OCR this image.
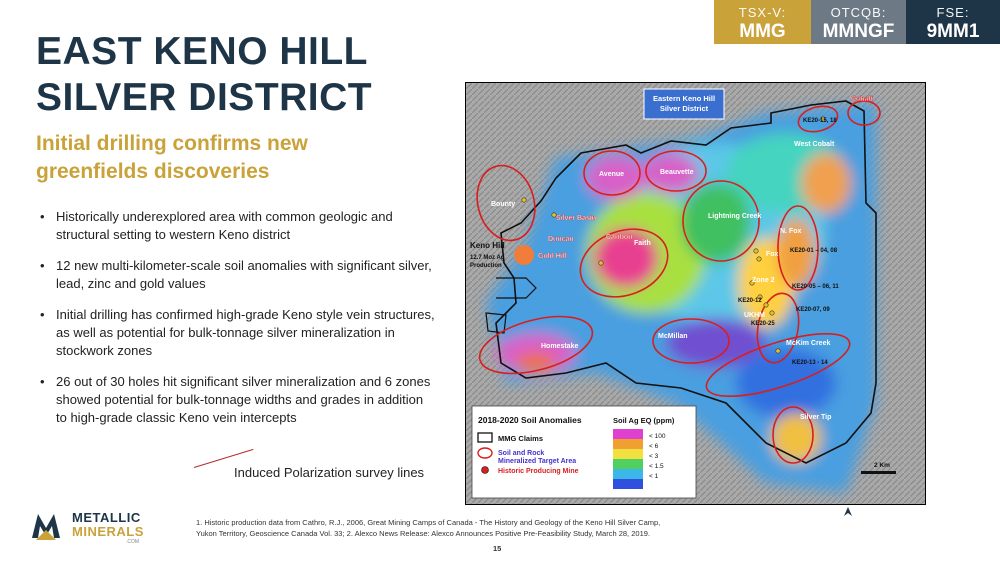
TSX-V:
MMG
OTCQB:
MMNGF
FSE:
9MM1
EAST KENO HILL
SILVER DISTRICT
Initial drilling confirms new greenfields discoveries
• Historically underexplored area with common geologic and structural setting to western Keno district
• 12 new multi-kilometer-scale soil anomalies with significant silver, lead, zinc and gold values
• Initial drilling has confirmed high-grade Keno style vein structures, as well as potential for bulk-tonnage silver mineralization in stockwork zones
• 26 out of 30 holes hit significant silver mineralization and 6 zones showed potential for bulk-tonnage widths and grades in addition to high-grade classic Keno vein intercepts
Induced Polarization survey lines
Eastern Keno Hill
Silver District
Keno Hill
12.7 Moz Ag
Production
Cobalt
West Cobalt
Avenue	Beauvette
Bounty
Silver Basin
Duncan	Caribou
Gold Hill
Lightning Creek
N. Fox
Fox
Faith
Zone 2
UKHM
McKim Creek
Homestake
McMillan
Silver Tip
KE20-15, 18
KE20-01 – 04, 08
KE20-05 – 06, 11
KE20-12
KE20-07, 09
KE20-25
KE20-13 - 14
2018-2020 Soil Anomalies
MMG Claims
Soil and Rock
Mineralized Target Area
Historic Producing Mine
Soil Ag EQ (ppm)
< 100
< 6
< 3
< 1.5
< 1
2 Km
METALLIC
MINERALS
.COM
1. Historic production data from Cathro, R.J., 2006, Great Mining Camps of Canada - The History and Geology of the Keno Hill Silver Camp,
Yukon Territory, Geoscience Canada Vol. 33; 2. Alexco News Release: Alexco Announces Positive Pre-Feasibility Study, March 28, 2019.
15
